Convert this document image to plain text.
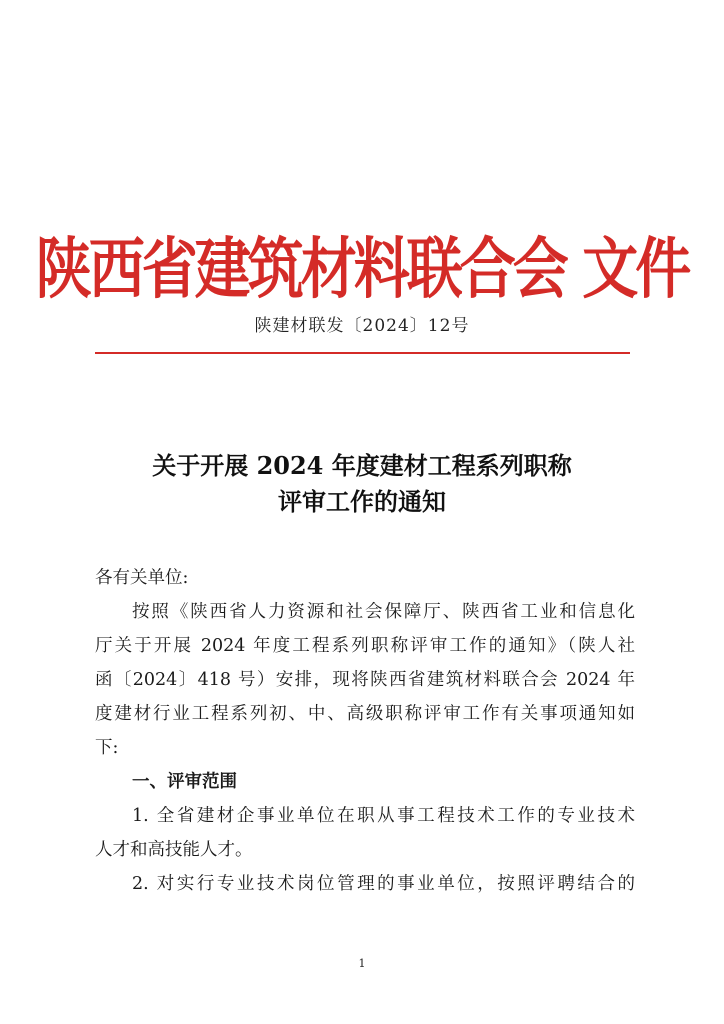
陕西省建筑材料联合会 文件
陕建材联发〔2024〕12号
关于开展 2024 年度建材工程系列职称
评审工作的通知
各有关单位:
按照《陕西省人力资源和社会保障厅、陕西省工业和信息化
厅关于开展 2024 年度工程系列职称评审工作的通知》（陕人社
函〔2024〕418 号）安排，现将陕西省建筑材料联合会 2024 年
度建材行业工程系列初、中、高级职称评审工作有关事项通知如
下:
一、评审范围
1. 全省建材企事业单位在职从事工程技术工作的专业技术
人才和高技能人才。
2. 对实行专业技术岗位管理的事业单位，按照评聘结合的
1
